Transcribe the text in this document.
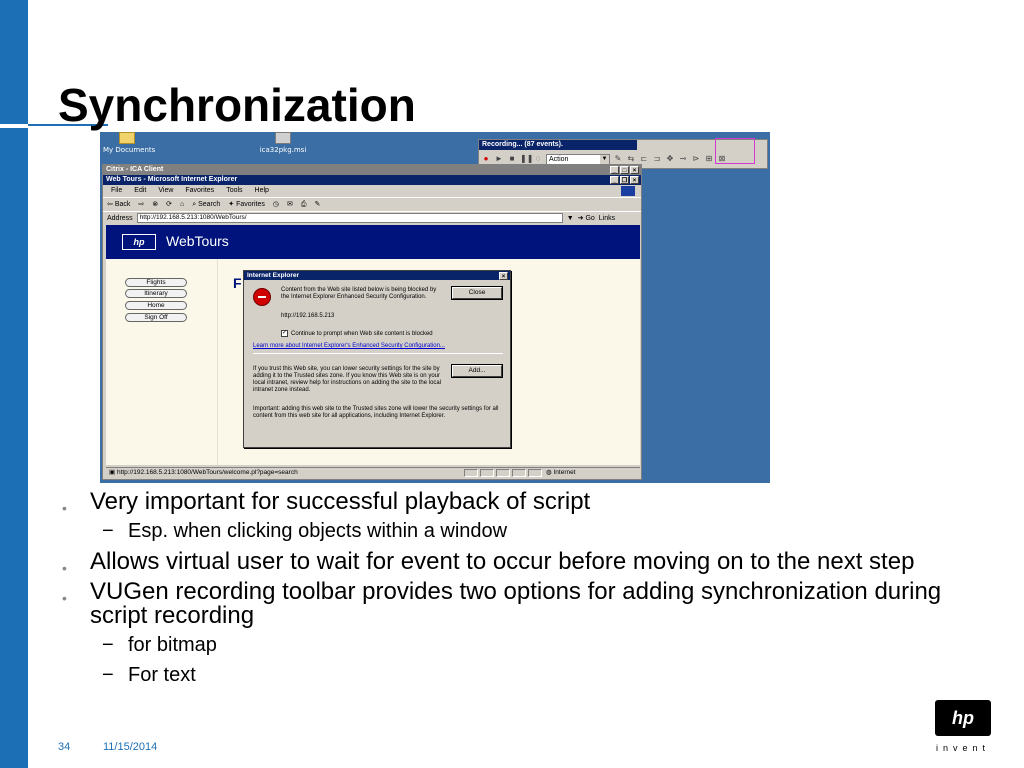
Synchronization
My Documents	ica32pkg.msi
Recording... (87 events).
● ► ■ ❚❚ ◌	Action	▼ ✎ ⇆ ⊏ ⊐ ✥ ⊸ ⊳ ⊞ ⊠
Citrix - ICA Client	_	□	×
Web Tours - Microsoft Internet Explorer	_ ❐ ×
File Edit View Favorites Tools Help
⇦ Back ⇨ ⊗ ⟳ ⌂ ⌕ Search ✦ Favorites ◷ ✉ ⎙ ✎
Address	http://192.168.5.213:1080/WebTours/	▼ ➜ Go Links
hp	WebTours
Flights
Itinerary
Home
Sign Off
F
▣ http://192.168.5.213:1080/WebTours/welcome.pl?page=search	◍ Internet
Internet Explorer	×
Content from the Web site listed below is being blocked by the Internet Explorer Enhanced Security Configuration.
http://192.168.5.213
✓ Continue to prompt when Web site content is blocked
Learn more about Internet Explorer's Enhanced Security Configuration...
If you trust this Web site, you can lower security settings for the site by adding it to the Trusted sites zone. If you know this Web site is on your local intranet, review help for instructions on adding the site to the local intranet zone instead.
Important: adding this web site to the Trusted sites zone will lower the security settings for all content from this web site for all applications, including Internet Explorer.
Close
Add...
• Very important for successful playback of script
− Esp. when clicking objects within a window
• Allows virtual user to wait for event to occur before moving on to the next step
• VUGen recording toolbar provides two options for adding synchronization during script recording
− for bitmap
− For text
34	11/15/2014
hp
invent
